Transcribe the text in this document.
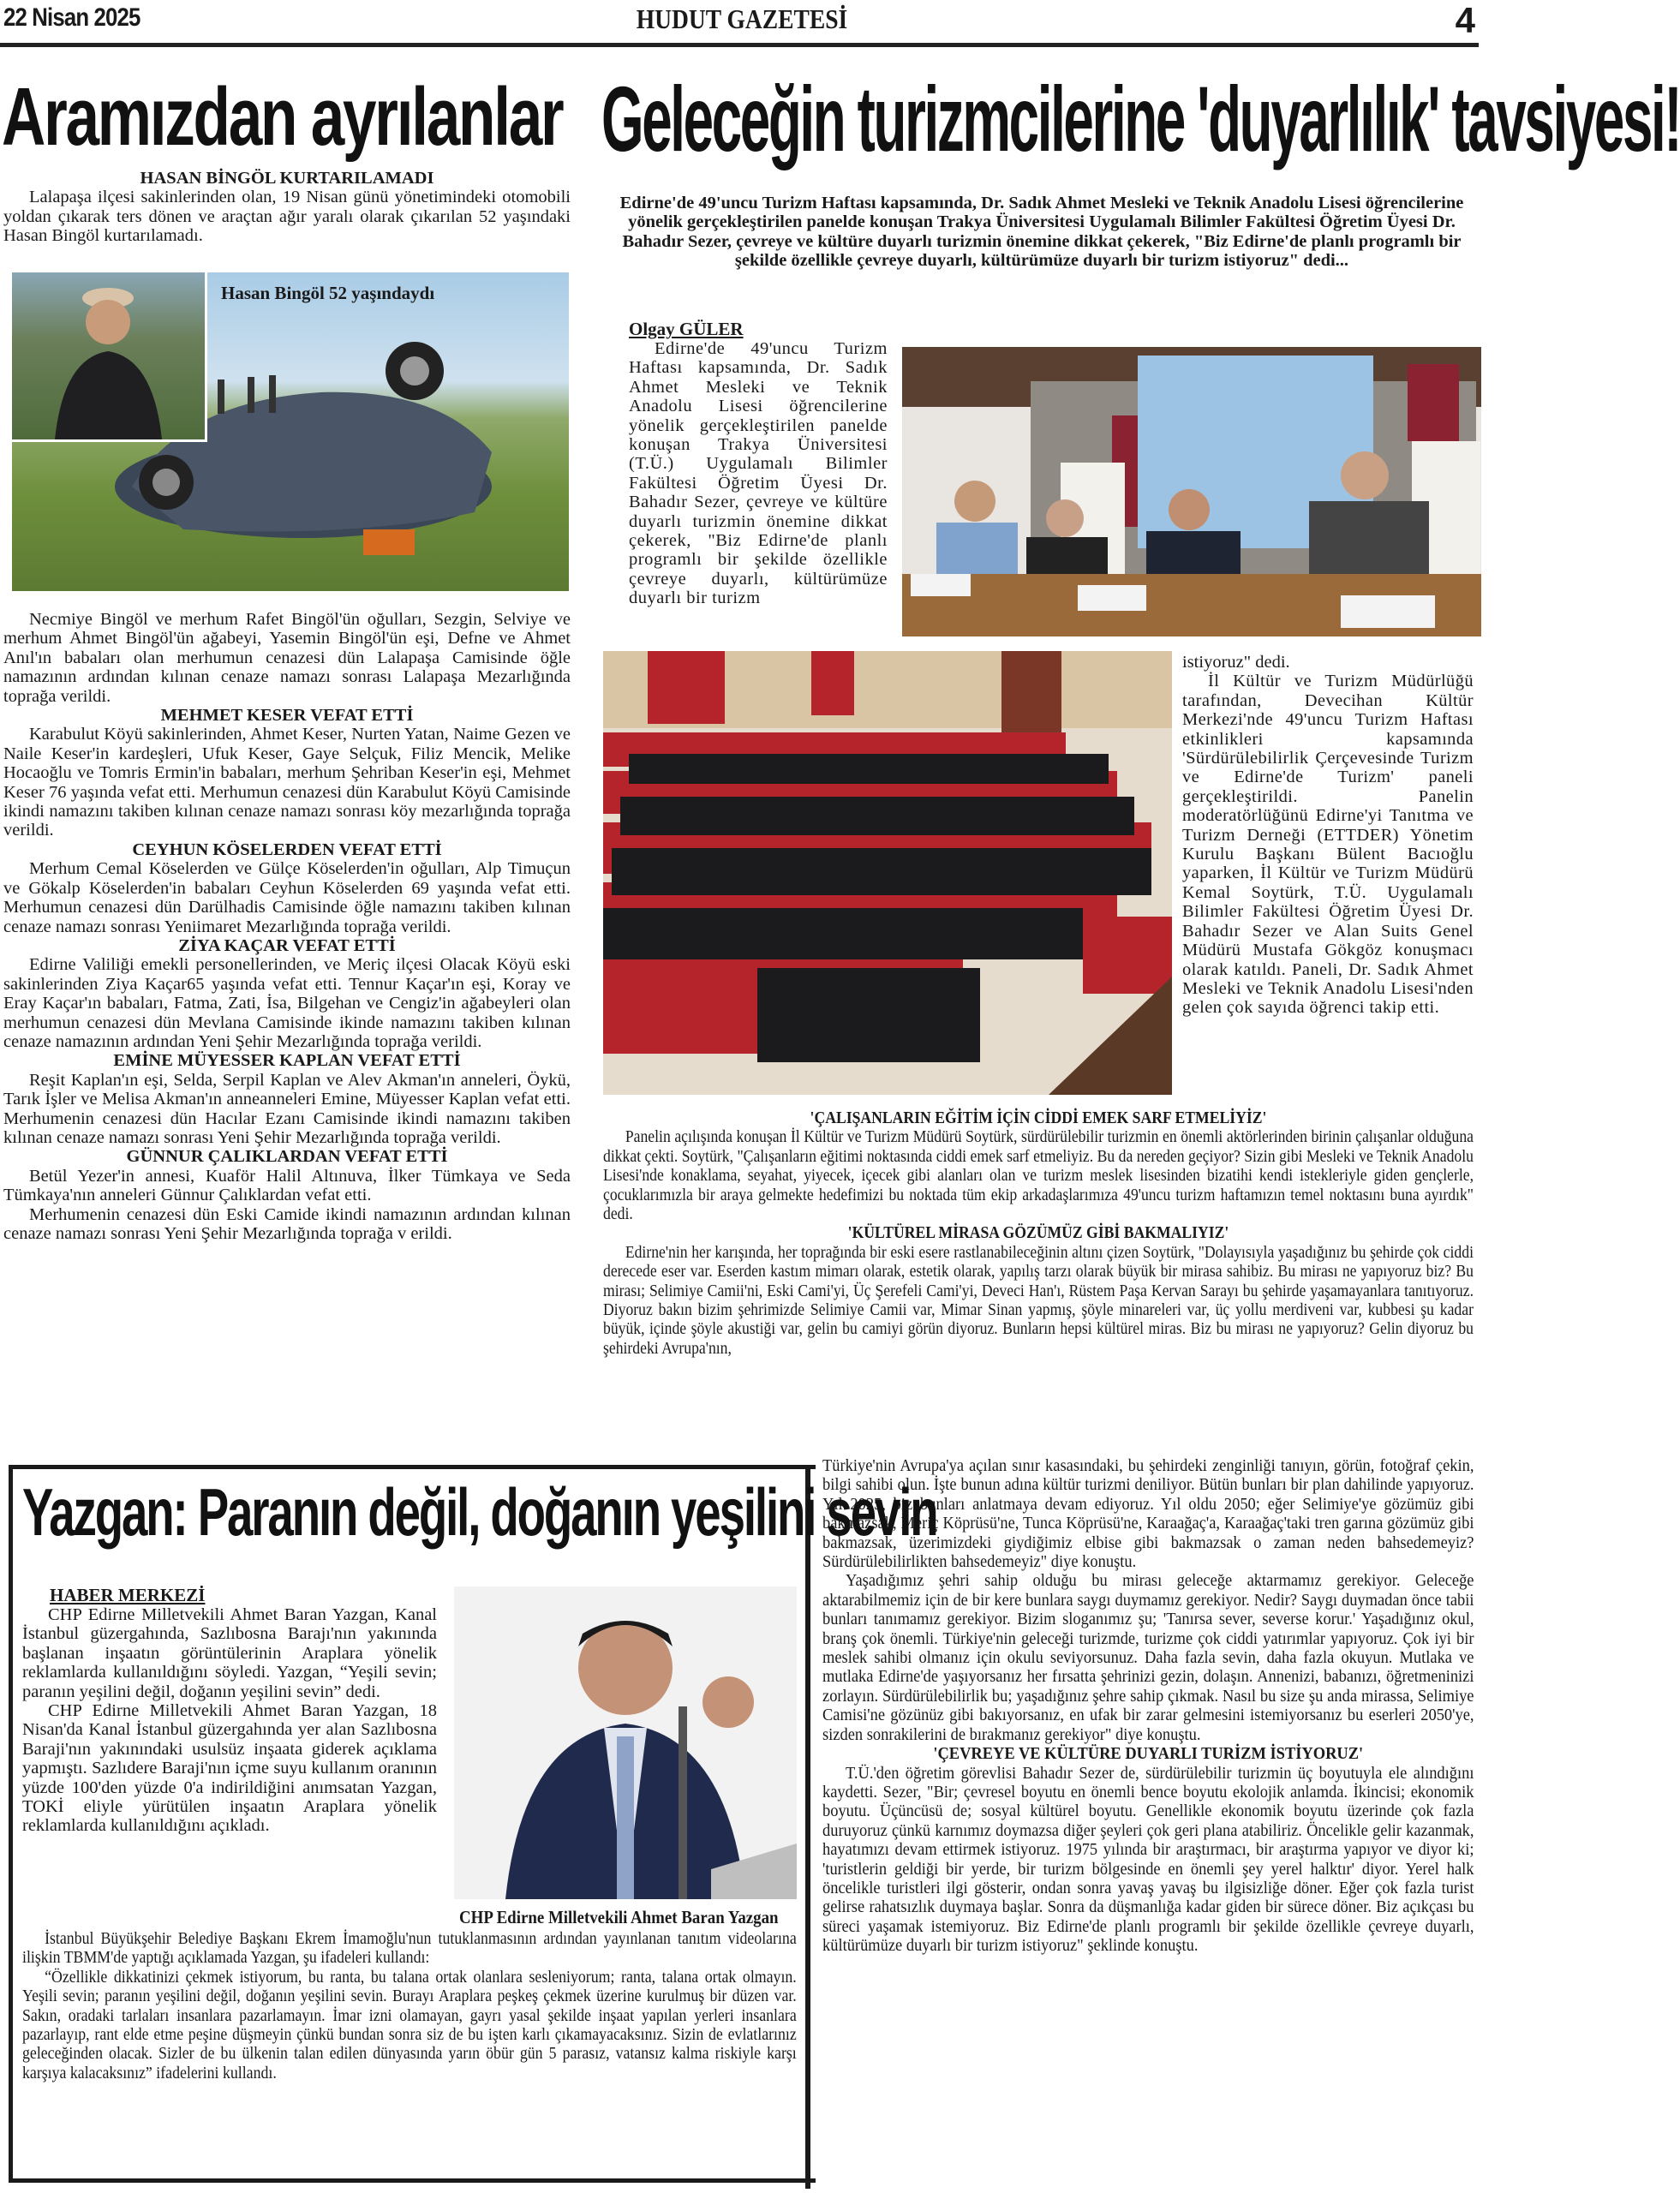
22 Nisan 2025	HUDUT GAZETESİ	4
Aramızdan ayrılanlar Geleceğin turizmcilerine 'duyarlılık' tavsiyesi!

HASAN BİNGÖL KURTARILAMADI

Lalapaşa ilçesi sakinlerinden olan, 19 Nisan günü yönetimindeki otomobili yoldan çıkarak ters dönen ve araçtan ağır yaralı olarak çıkarılan 52 yaşındaki Hasan Bingöl kurtarılamadı.

Hasan Bingöl 52 yaşındaydı

Necmiye Bingöl ve merhum Rafet Bingöl'ün oğulları, Sezgin, Selviye ve merhum Ahmet Bingöl'ün ağabeyi, Yasemin Bingöl'ün eşi, Defne ve Ahmet Anıl'ın babaları olan merhumun cenazesi dün Lalapaşa Camisinde öğle namazının ardından kılınan cenaze namazı sonrası Lalapaşa Mezarlığında toprağa verildi.

MEHMET KESER VEFAT ETTİ

Karabulut Köyü sakinlerinden, Ahmet Keser, Nurten Yatan, Naime Gezen ve Naile Keser'in kardeşleri, Ufuk Keser, Gaye Selçuk, Filiz Mencik, Melike Hocaoğlu ve Tomris Ermin'in babaları, merhum Şehriban Keser'in eşi, Mehmet Keser 76 yaşında vefat etti. Merhumun cenazesi dün Karabulut Köyü Camisinde ikindi namazını takiben kılınan cenaze namazı sonrası köy mezarlığında toprağa verildi.

CEYHUN KÖSELERDEN VEFAT ETTİ

Merhum Cemal Köselerden ve Gülçe Köselerden'in oğulları, Alp Timuçun ve Gökalp Köselerden'in babaları Ceyhun Köselerden 69 yaşında vefat etti. Merhumun cenazesi dün Darülhadis Camisinde öğle namazını takiben kılınan cenaze namazı sonrası Yeniimaret Mezarlığında toprağa verildi.

ZİYA KAÇAR VEFAT ETTİ

Edirne Valiliği emekli personellerinden, ve Meriç ilçesi Olacak Köyü eski sakinlerinden Ziya Kaçar65 yaşında vefat etti. Tennur Kaçar'ın eşi, Koray ve Eray Kaçar'ın babaları, Fatma, Zati, İsa, Bilgehan ve Cengiz'in ağabeyleri olan merhumun cenazesi dün Mevlana Camisinde ikinde namazını takiben kılınan cenaze namazının ardından Yeni Şehir Mezarlığında toprağa verildi.

EMİNE MÜYESSER KAPLAN VEFAT ETTİ

Reşit Kaplan'ın eşi, Selda, Serpil Kaplan ve Alev Akman'ın anneleri, Öykü, Tarık İşler ve Melisa Akman'ın anneanneleri Emine, Müyesser Kaplan vefat etti. Merhumenin cenazesi dün Hacılar Ezanı Camisinde ikindi namazını takiben kılınan cenaze namazı sonrası Yeni Şehir Mezarlığında toprağa verildi.

GÜNNUR ÇALIKLARDAN VEFAT ETTİ

Betül Yezer'in annesi, Kuaför Halil Altınuva, İlker Tümkaya ve Seda Tümkaya'nın anneleri Günnur Çalıklardan vefat etti.

Merhumenin cenazesi dün Eski Camide ikindi namazının ardından kılınan cenaze namazı sonrası Yeni Şehir Mezarlığında toprağa v erildi.

Edirne'de 49'uncu Turizm Haftası kapsamında, Dr. Sadık Ahmet Mesleki ve Teknik Anadolu Lisesi öğrencilerine yönelik gerçekleştirilen panelde konuşan Trakya Üniversitesi Uygulamalı Bilimler Fakültesi Öğretim Üyesi Dr. Bahadır Sezer, çevreye ve kültüre duyarlı turizmin önemine dikkat çekerek, "Biz Edirne'de planlı programlı bir şekilde özellikle çevreye duyarlı, kültürümüze duyarlı bir turizm istiyoruz" dedi...
Olgay GÜLER

Edirne'de 49'uncu Turizm Haftası kapsamında, Dr. Sadık Ahmet Mesleki ve Teknik Anadolu Lisesi öğrencilerine yönelik gerçekleştirilen panelde konuşan Trakya Üniversitesi (T.Ü.) Uygulamalı Bilimler Fakültesi Öğretim Üyesi Dr. Bahadır Sezer, çevreye ve kültüre duyarlı turizmin önemine dikkat çekerek, "Biz Edirne'de planlı programlı bir şekilde özellikle çevreye duyarlı, kültürümüze duyarlı bir turizm

istiyoruz" dedi.

İl Kültür ve Turizm Müdürlüğü tarafından, Devecihan Kültür Merkezi'nde 49'uncu Turizm Haftası etkinlikleri kapsamında 'Sürdürülebilirlik Çerçevesinde Turizm ve Edirne'de Turizm' paneli gerçekleştirildi. Panelin moderatörlüğünü Edirne'yi Tanıtma ve Turizm Derneği (ETTDER) Yönetim Kurulu Başkanı Bülent Bacıoğlu yaparken, İl Kültür ve Turizm Müdürü Kemal Soytürk, T.Ü. Uygulamalı Bilimler Fakültesi Öğretim Üyesi Dr. Bahadır Sezer ve Alan Suits Genel Müdürü Mustafa Gökgöz konuşmacı olarak katıldı. Paneli, Dr. Sadık Ahmet Mesleki ve Teknik Anadolu Lisesi'nden gelen çok sayıda öğrenci takip etti.

'ÇALIŞANLARIN EĞİTİM İÇİN CİDDİ EMEK SARF ETMELİYİZ'

Panelin açılışında konuşan İl Kültür ve Turizm Müdürü Soytürk, sürdürülebilir turizmin en önemli aktörlerinden birinin çalışanlar olduğuna dikkat çekti. Soytürk, "Çalışanların eğitimi noktasında ciddi emek sarf etmeliyiz. Bu da nereden geçiyor? Sizin gibi Mesleki ve Teknik Anadolu Lisesi'nde konaklama, seyahat, yiyecek, içecek gibi alanları olan ve turizm meslek lisesinden bizatihi kendi istekleriyle giden gençlerle, çocuklarımızla bir araya gelmekte hedefimizi bu noktada tüm ekip arkadaşlarımıza 49'uncu turizm haftamızın temel noktasını buna ayırdık" dedi.

'KÜLTÜREL MİRASA GÖZÜMÜZ GİBİ BAKMALIYIZ'

Edirne'nin her karışında, her toprağında bir eski esere rastlanabileceğinin altını çizen Soytürk, "Dolayısıyla yaşadığınız bu şehirde çok ciddi derecede eser var. Eserden kastım mimarı olarak, estetik olarak, yapılış tarzı olarak büyük bir mirasa sahibiz. Bu mirası ne yapıyoruz biz? Bu mirası; Selimiye Camii'ni, Eski Cami'yi, Üç Şerefeli Cami'yi, Deveci Han'ı, Rüstem Paşa Kervan Sarayı bu şehirde yaşamayanlara tanıtıyoruz. Diyoruz bakın bizim şehrimizde Selimiye Camii var, Mimar Sinan yapmış, şöyle minareleri var, üç yollu merdiveni var, kubbesi şu kadar büyük, içinde şöyle akustiği var, gelin bu camiyi görün diyoruz. Bunların hepsi kültürel miras. Biz bu mirası ne yapıyoruz? Gelin diyoruz bu şehirdeki Avrupa'nın,

Türkiye'nin Avrupa'ya açılan sınır kasasındaki, bu şehirdeki zenginliği tanıyın, görün, fotoğraf çekin, bilgi sahibi olun. İşte bunun adına kültür turizmi deniliyor. Bütün bunları bir plan dahilinde yapıyoruz. Yıl 2025, biz bunları anlatmaya devam ediyoruz. Yıl oldu 2050; eğer Selimiye'ye gözümüz gibi bakmazsak, Meriç Köprüsü'ne, Tunca Köprüsü'ne, Karaağaç'a, Karaağaç'taki tren garına gözümüz gibi bakmazsak, üzerimizdeki giydiğimiz elbise gibi bakmazsak o zaman neden bahsedemeyiz? Sürdürülebilirlikten bahsedemeyiz" diye konuştu.

Yaşadığımız şehri sahip olduğu bu mirası geleceğe aktarmamız gerekiyor. Geleceğe aktarabilmemiz için de bir kere bunlara saygı duymamız gerekiyor. Nedir? Saygı duymadan önce tabii bunları tanımamız gerekiyor. Bizim sloganımız şu; 'Tanırsa sever, severse korur.' Yaşadığınız okul, branş çok önemli. Türkiye'nin geleceği turizmde, turizme çok ciddi yatırımlar yapıyoruz. Çok iyi bir meslek sahibi olmanız için okulu seviyorsunuz. Daha fazla sevin, daha fazla okuyun. Mutlaka ve mutlaka Edirne'de yaşıyorsanız her fırsatta şehrinizi gezin, dolaşın. Annenizi, babanızı, öğretmeninizi zorlayın. Sürdürülebilirlik bu; yaşadığınız şehre sahip çıkmak. Nasıl bu size şu anda mirassa, Selimiye Camisi'ne gözünüz gibi bakıyorsanız, en ufak bir zarar gelmesini istemiyorsanız bu eserleri 2050'ye, sizden sonrakilerini de bırakmanız gerekiyor" diye konuştu.

'ÇEVREYE VE KÜLTÜRE DUYARLI TURİZM İSTİYORUZ'

T.Ü.'den öğretim görevlisi Bahadır Sezer de, sürdürülebilir turizmin üç boyutuyla ele alındığını kaydetti. Sezer, "Bir; çevresel boyutu en önemli bence boyutu ekolojik anlamda. İkincisi; ekonomik boyutu. Üçüncüsü de; sosyal kültürel boyutu. Genellikle ekonomik boyutu üzerinde çok fazla duruyoruz çünkü karnımız doymazsa diğer şeyleri çok geri plana atabiliriz. Öncelikle gelir kazanmak, hayatımızı devam ettirmek istiyoruz. 1975 yılında bir araştırmacı, bir araştırma yapıyor ve diyor ki; 'turistlerin geldiği bir yerde, bir turizm bölgesinde en önemli şey yerel halktır' diyor. Yerel halk öncelikle turistleri ilgi gösterir, ondan sonra yavaş yavaş bu ilgisizliğe döner. Eğer çok fazla turist gelirse rahatsızlık duymaya başlar. Sonra da düşmanlığa kadar giden bir sürece döner. Biz açıkçası bu süreci yaşamak istemiyoruz. Biz Edirne'de planlı programlı bir şekilde özellikle çevreye duyarlı, kültürümüze duyarlı bir turizm istiyoruz" şeklinde konuştu.

Yazgan: Paranın değil, doğanın yeşilini sevin
HABER MERKEZİ

CHP Edirne Milletvekili Ahmet Baran Yazgan, Kanal İstanbul güzergahında, Sazlıbosna Barajı'nın yakınında başlanan inşaatın görüntülerinin Araplara yönelik reklamlarda kullanıldığını söyledi. Yazgan, “Yeşili sevin; paranın yeşilini değil, doğanın yeşilini sevin” dedi.

CHP Edirne Milletvekili Ahmet Baran Yazgan, 18 Nisan'da Kanal İstanbul güzergahında yer alan Sazlıbosna Baraji'nın yakınındaki usulsüz inşaata giderek açıklama yapmıştı. Sazlıdere Baraji'nın içme suyu kullanım oranının yüzde 100'den yüzde 0'a indirildiğini anımsatan Yazgan, TOKİ eliyle yürütülen inşaatın Araplara yönelik reklamlarda kullanıldığını açıkladı.

CHP Edirne Milletvekili Ahmet Baran Yazgan

İstanbul Büyükşehir Belediye Başkanı Ekrem İmamoğlu'nun tutuklanmasının ardından yayınlanan tanıtım videolarına ilişkin TBMM'de yaptığı açıklamada Yazgan, şu ifadeleri kullandı:

“Özellikle dikkatinizi çekmek istiyorum, bu ranta, bu talana ortak olanlara sesleniyorum; ranta, talana ortak olmayın. Yeşili sevin; paranın yeşilini değil, doğanın yeşilini sevin. Burayı Araplara peşkeş çekmek üzerine kurulmuş bir düzen var. Sakın, oradaki tarlaları insanlara pazarlamayın. İmar izni olamayan, gayrı yasal şekilde inşaat yapılan yerleri insanlara pazarlayıp, rant elde etme peşine düşmeyin çünkü bundan sonra siz de bu işten karlı çıkamayacaksınız. Sizin de evlatlarınız geleceğinden olacak. Sizler de bu ülkenin talan edilen dünyasında yarın öbür gün 5 parasız, vatansız kalma riskiyle karşı karşıya kalacaksınız” ifadelerini kullandı.
